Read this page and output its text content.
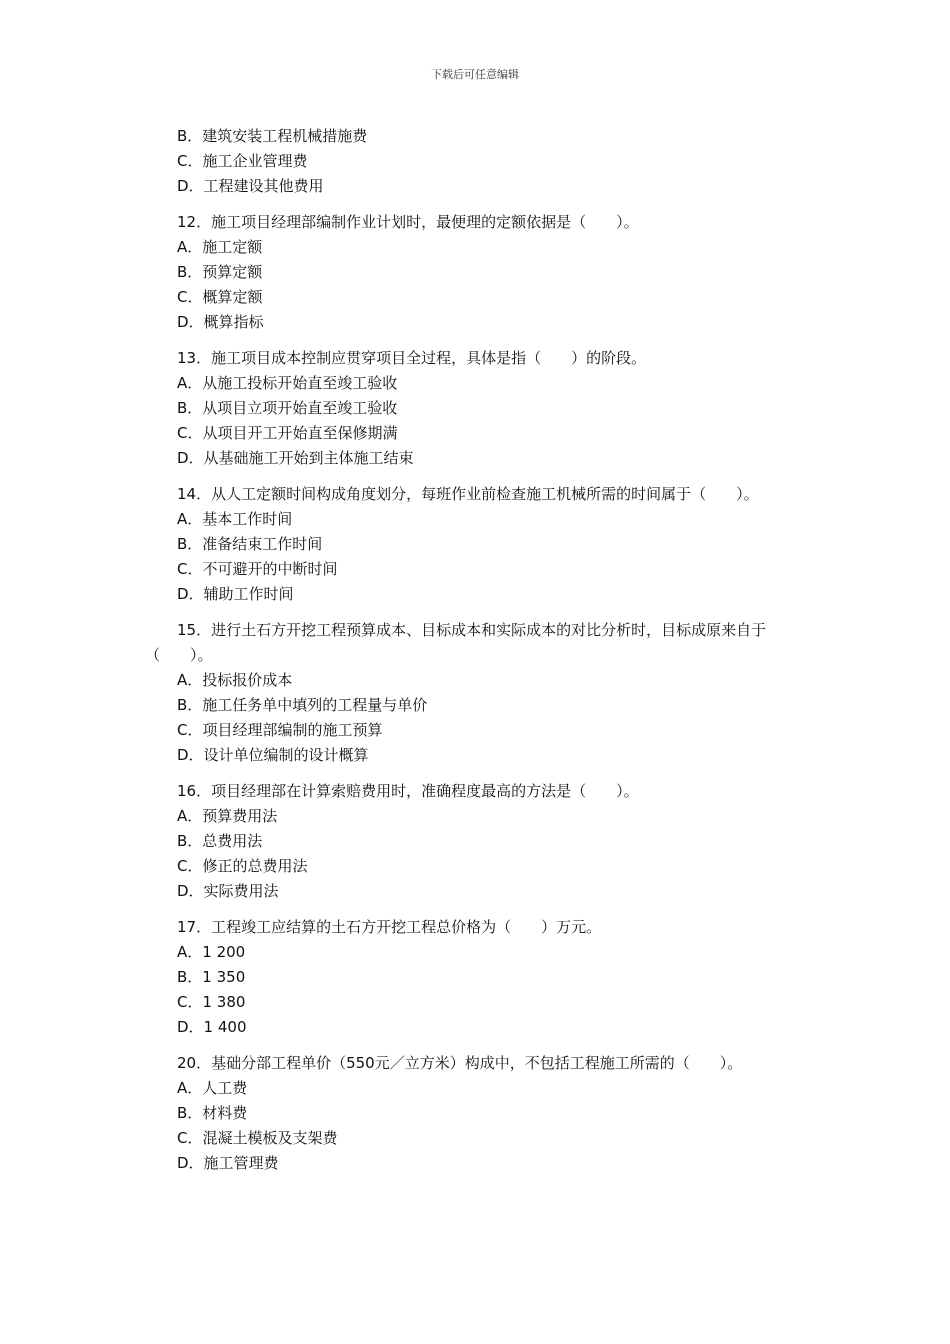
下载后可任意编辑
B．建筑安装工程机械措施费
C．施工企业管理费
D．工程建设其他费用
12．施工项目经理部编制作业计划时，最便理的定额依据是（　　）。
A．施工定额
B．预算定额
C．概算定额
D．概算指标
13．施工项目成本控制应贯穿项目全过程，具体是指（　　）的阶段。
A．从施工投标开始直至竣工验收
B．从项目立项开始直至竣工验收
C．从项目开工开始直至保修期满
D．从基础施工开始到主体施工结束
14．从人工定额时间构成角度划分，每班作业前检查施工机械所需的时间属于（　　）。
A．基本工作时间
B．准备结束工作时间
C．不可避开的中断时间
D．辅助工作时间
15．进行土石方开挖工程预算成本、目标成本和实际成本的对比分析时，目标成原来自于（　　）。
A．投标报价成本
B．施工任务单中填列的工程量与单价
C．项目经理部编制的施工预算
D．设计单位编制的设计概算
16．项目经理部在计算索赔费用时，准确程度最高的方法是（　　）。
A．预算费用法
B．总费用法
C．修正的总费用法
D．实际费用法
17．工程竣工应结算的土石方开挖工程总价格为（　　）万元。
A．1 200
B．1 350
C．1 380
D．1 400
20．基础分部工程单价（550元／立方米）构成中，不包括工程施工所需的（　　）。
A．人工费
B．材料费
C．混凝土模板及支架费
D．施工管理费
